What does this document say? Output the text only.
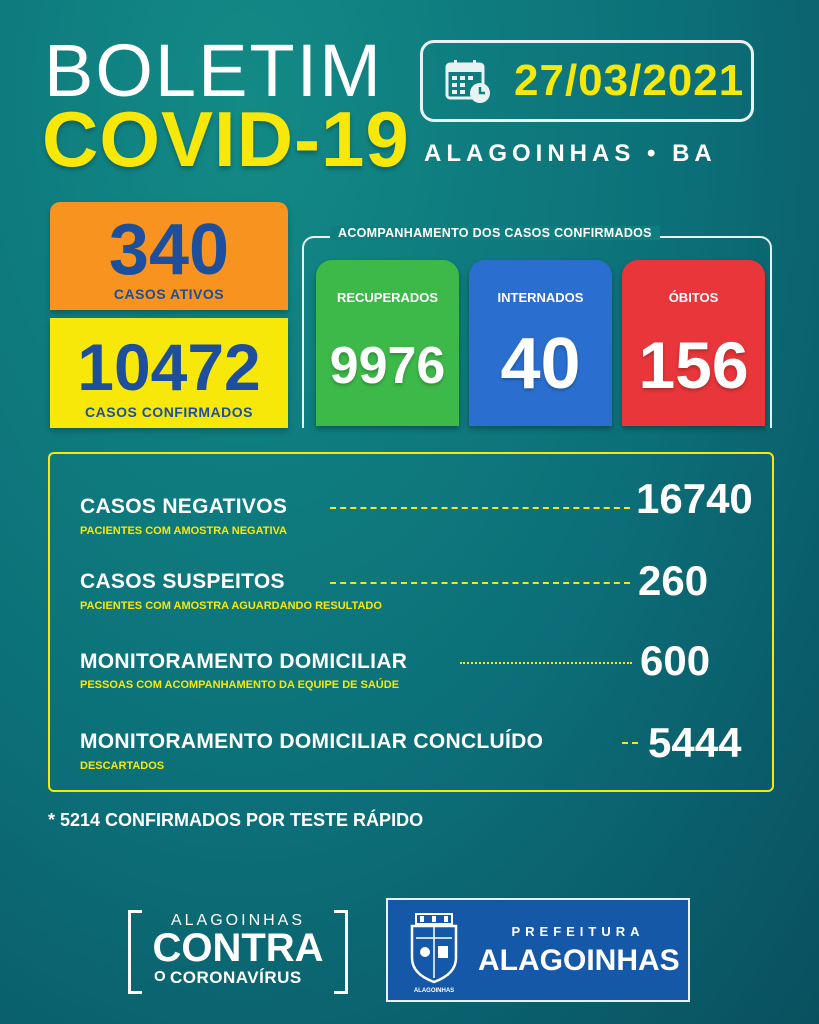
BOLETIM
COVID-19
27/03/2021
ALAGOINHAS • BA
340
CASOS ATIVOS
10472
CASOS CONFIRMADOS
ACOMPANHAMENTO DOS CASOS CONFIRMADOS
RECUPERADOS
9976
INTERNADOS
40
ÓBITOS
156
CASOS NEGATIVOS
PACIENTES COM AMOSTRA NEGATIVA
16740
CASOS SUSPEITOS
PACIENTES COM AMOSTRA AGUARDANDO RESULTADO
260
MONITORAMENTO DOMICILIAR
PESSOAS COM ACOMPANHAMENTO DA EQUIPE DE SAÚDE
600
MONITORAMENTO DOMICILIAR CONCLUÍDO
DESCARTADOS	5444
* 5214 CONFIRMADOS POR TESTE RÁPIDO
ALAGOINHAS
CONTRA
O CORONAVÍRUS
ALAGOINHAS
PREFEITURA
ALAGOINHAS
